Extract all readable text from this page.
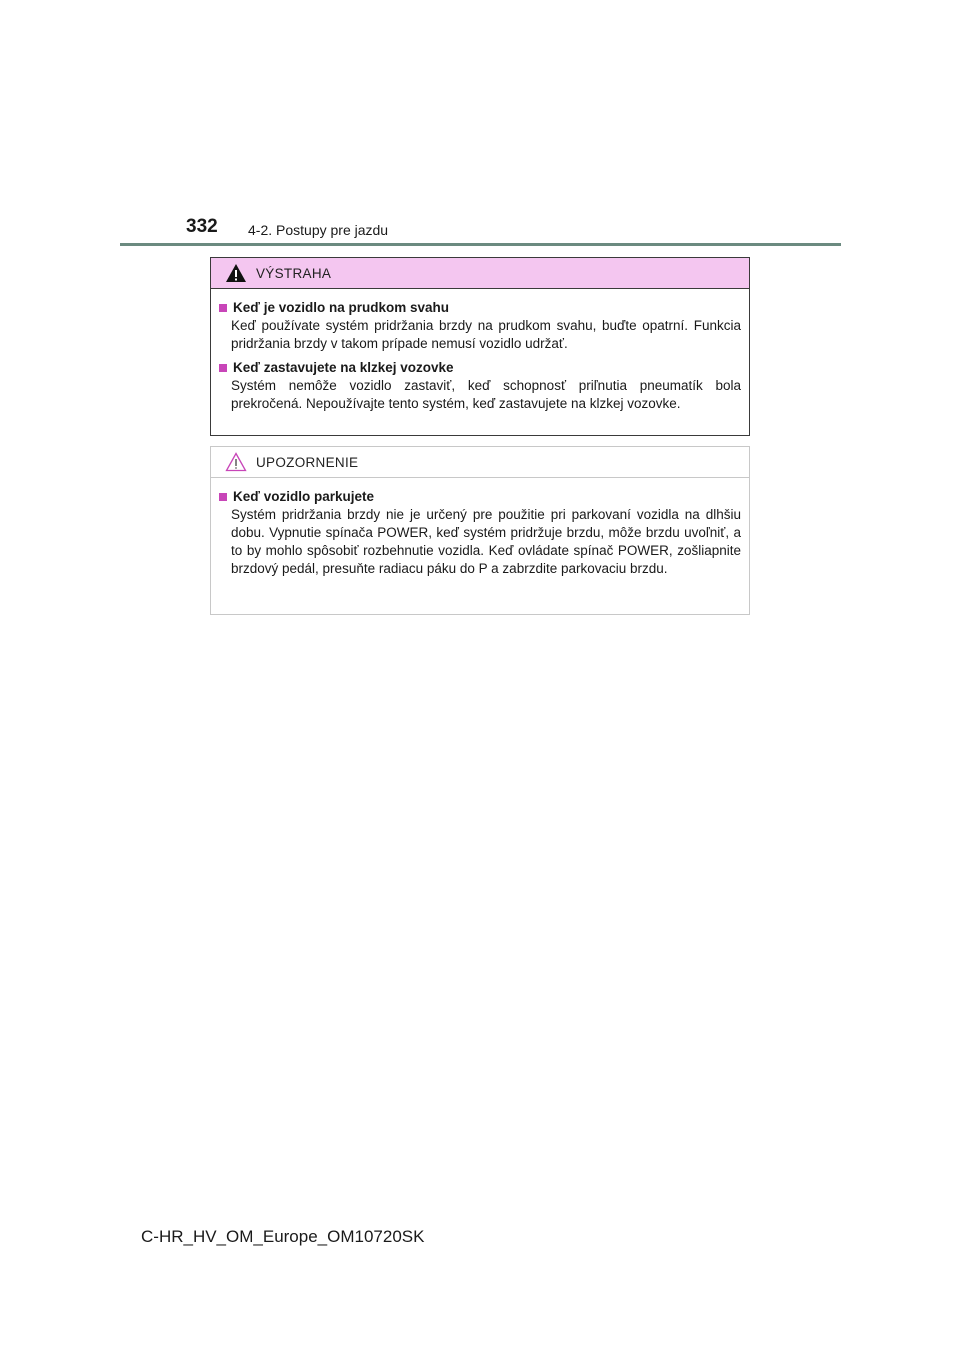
332 4-2. Postupy pre jazdu
VÝSTRAHA
Keď je vozidlo na prudkom svahu
Keď používate systém pridržania brzdy na prudkom svahu, buďte opatrní. Funkcia pridržania brzdy v takom prípade nemusí vozidlo udržať.
Keď zastavujete na klzkej vozovke
Systém nemôže vozidlo zastaviť, keď schopnosť priľnutia pneumatík bola prekročená. Nepoužívajte tento systém, keď zastavujete na klzkej vozovke.
UPOZORNENIE
Keď vozidlo parkujete
Systém pridržania brzdy nie je určený pre použitie pri parkovaní vozidla na dlhšiu dobu. Vypnutie spínača POWER, keď systém pridržuje brzdu, môže brzdu uvoľniť, a to by mohlo spôsobiť rozbehnutie vozidla. Keď ovládate spínač POWER, zošliapnite brzdový pedál, presuňte radiacu páku do P a zabrzdite parkovaciu brzdu.
C-HR_HV_OM_Europe_OM10720SK
